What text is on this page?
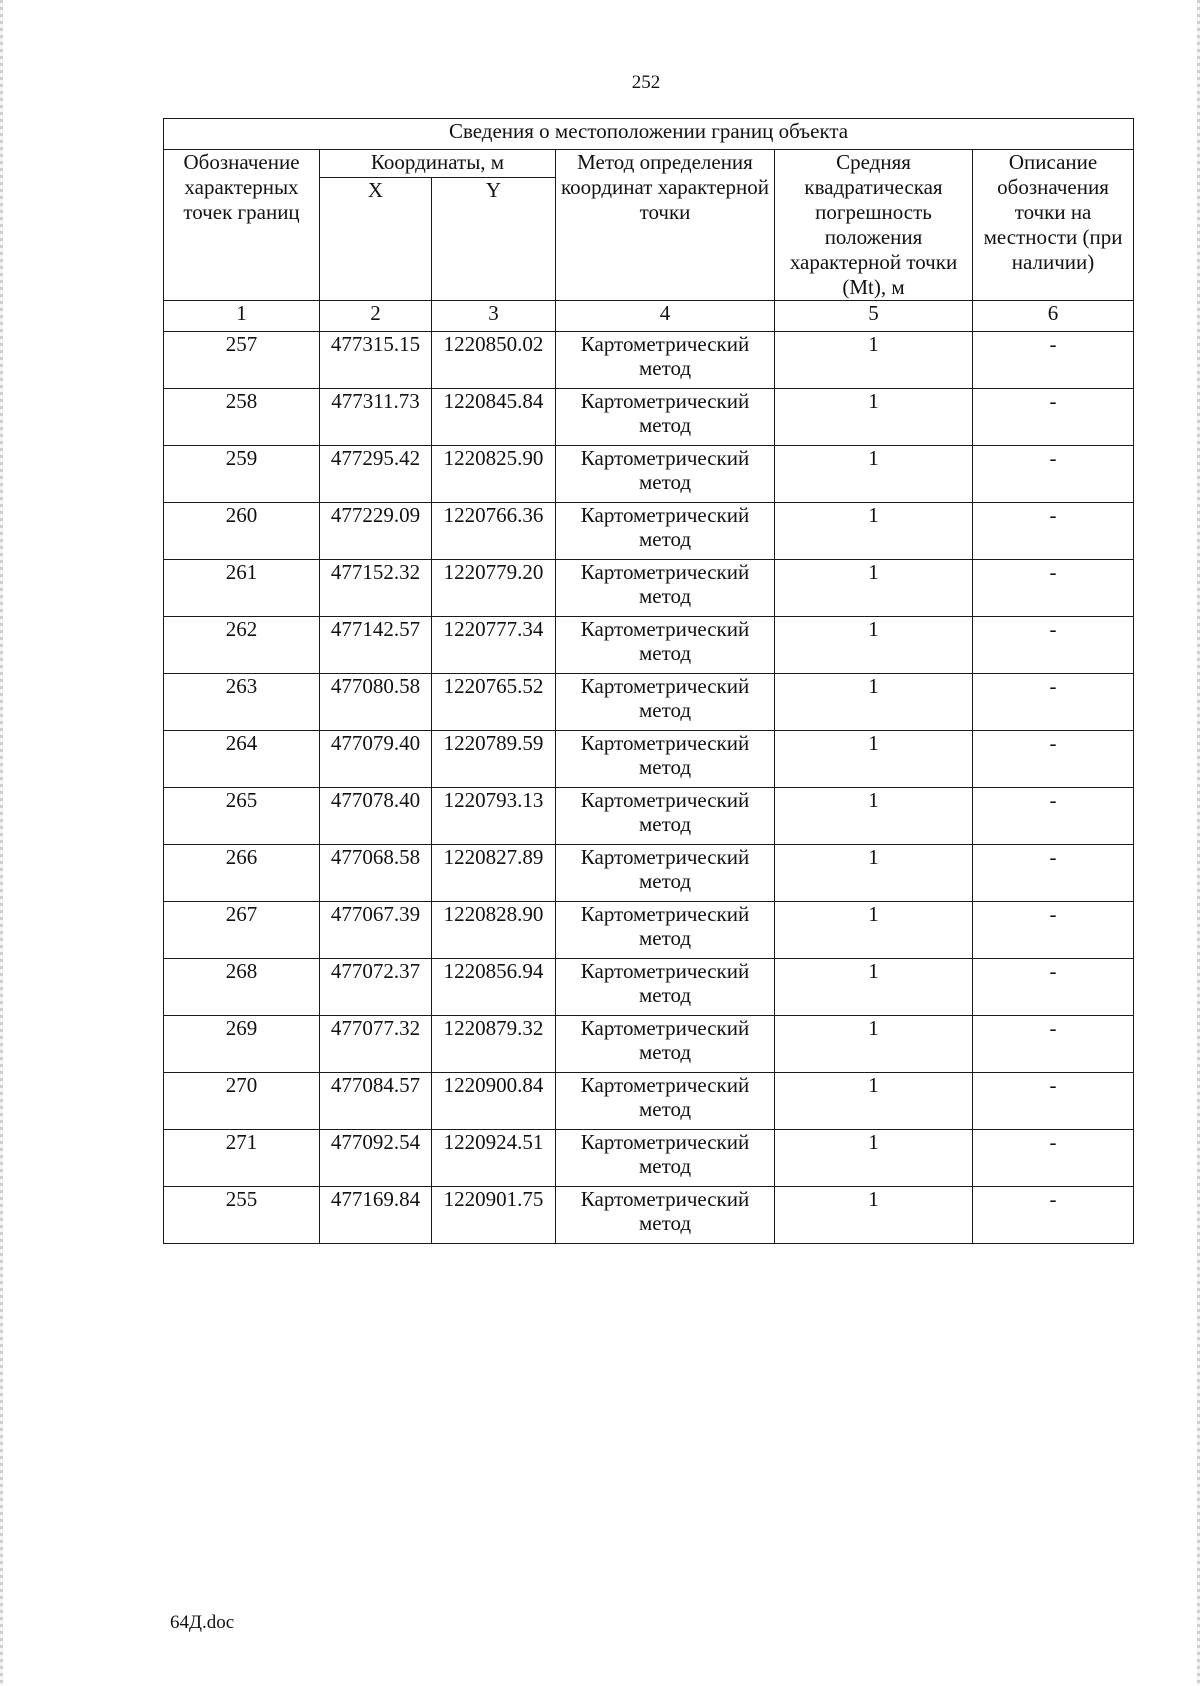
252
Сведения о местоположении границ объекта					
Обозначение характерных точек границ	Координаты, м		Метод определения координат характерной точки	Средняя квадратическая погрешность положения характерной точки (Mt), м	Описание обозначения точки на местности (при наличии)
	X	Y			
1	2	3	4	5	6
257	477315.15	1220850.02	Картометрический метод	1	-
258	477311.73	1220845.84	Картометрический метод	1	-
259	477295.42	1220825.90	Картометрический метод	1	-
260	477229.09	1220766.36	Картометрический метод	1	-
261	477152.32	1220779.20	Картометрический метод	1	-
262	477142.57	1220777.34	Картометрический метод	1	-
263	477080.58	1220765.52	Картометрический метод	1	-
264	477079.40	1220789.59	Картометрический метод	1	-
265	477078.40	1220793.13	Картометрический метод	1	-
266	477068.58	1220827.89	Картометрический метод	1	-
267	477067.39	1220828.90	Картометрический метод	1	-
268	477072.37	1220856.94	Картометрический метод	1	-
269	477077.32	1220879.32	Картометрический метод	1	-
270	477084.57	1220900.84	Картометрический метод	1	-
271	477092.54	1220924.51	Картометрический метод	1	-
255	477169.84	1220901.75	Картометрический метод	1	-
64Д.doc
